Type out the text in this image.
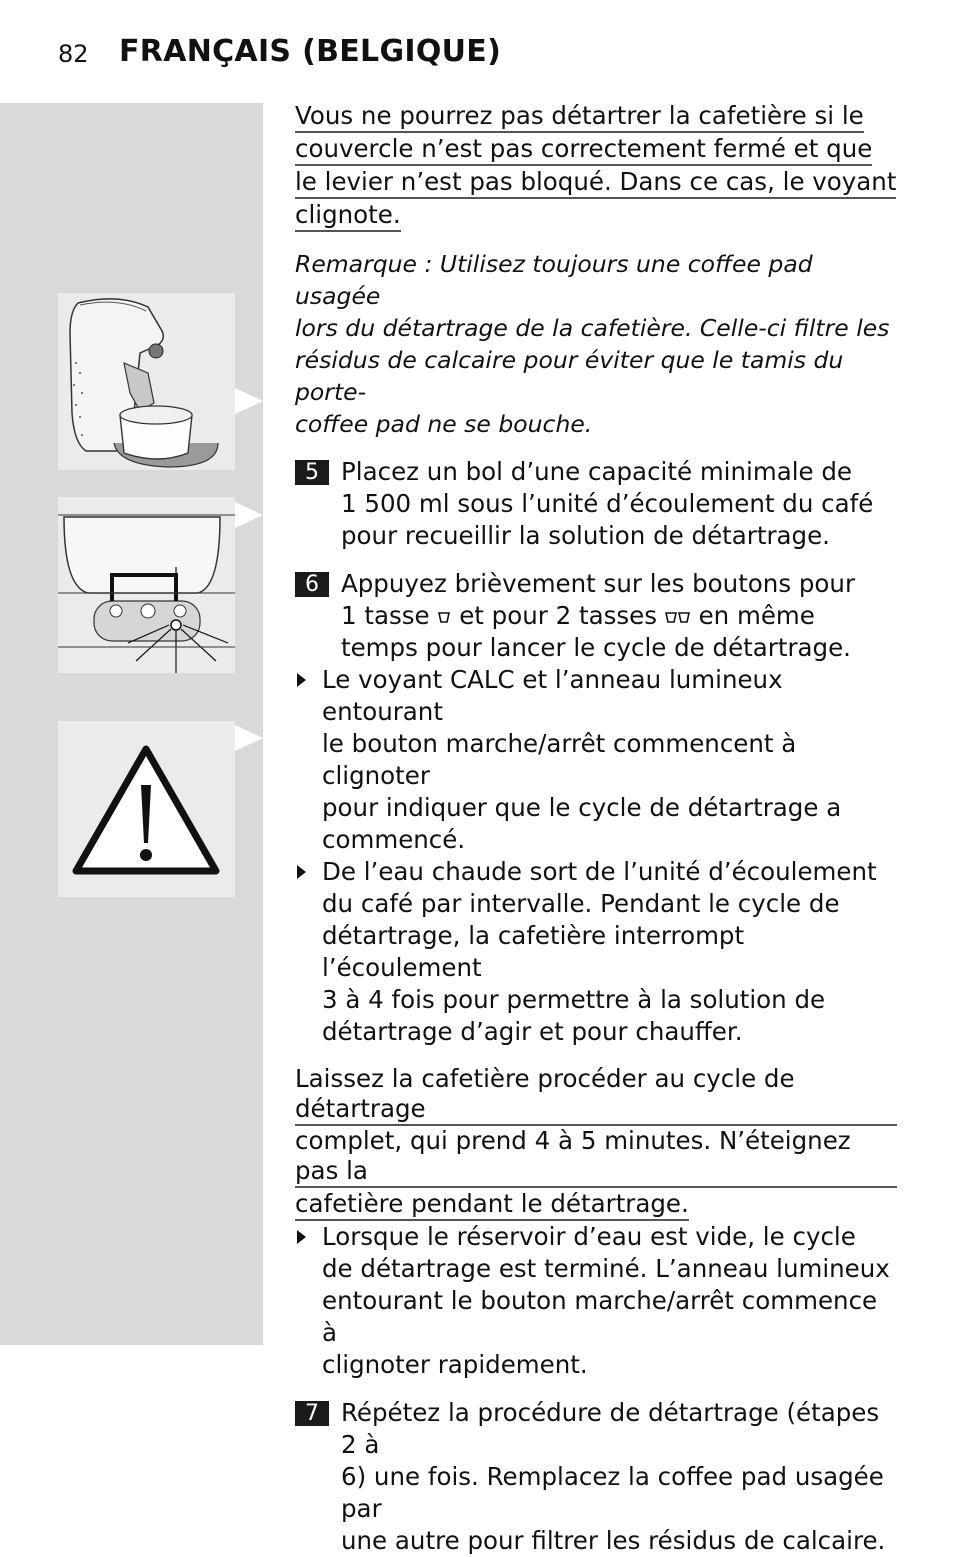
82 FRANÇAIS (BELGIQUE)
Vous ne pourrez pas détartrer la cafetière si le
couvercle n’est pas correctement fermé et que
le levier n’est pas bloqué. Dans ce cas, le voyant
clignote.
Remarque : Utilisez toujours une coffee pad usagée
lors du détartrage de la cafetière. Celle-ci filtre les
résidus de calcaire pour éviter que le tamis du porte-
coffee pad ne se bouche.
5 Placez un bol d’une capacité minimale de
1 500 ml sous l’unité d’écoulement du café
pour recueillir la solution de détartrage.
6 Appuyez brièvement sur les boutons pour
1 tasse et pour 2 tasses en même
temps pour lancer le cycle de détartrage.
Le voyant CALC et l’anneau lumineux entourant
le bouton marche/arrêt commencent à clignoter
pour indiquer que le cycle de détartrage a
commencé.
De l’eau chaude sort de l’unité d’écoulement
du café par intervalle. Pendant le cycle de
détartrage, la cafetière interrompt l’écoulement
3 à 4 fois pour permettre à la solution de
détartrage d’agir et pour chauffer.
Laissez la cafetière procéder au cycle de détartrage
complet, qui prend 4 à 5 minutes. N’éteignez pas la
cafetière pendant le détartrage.
Lorsque le réservoir d’eau est vide, le cycle
de détartrage est terminé. L’anneau lumineux
entourant le bouton marche/arrêt commence à
clignoter rapidement.
7 Répétez la procédure de détartrage (étapes 2 à
6) une fois. Remplacez la coffee pad usagée par
une autre pour filtrer les résidus de calcaire.
